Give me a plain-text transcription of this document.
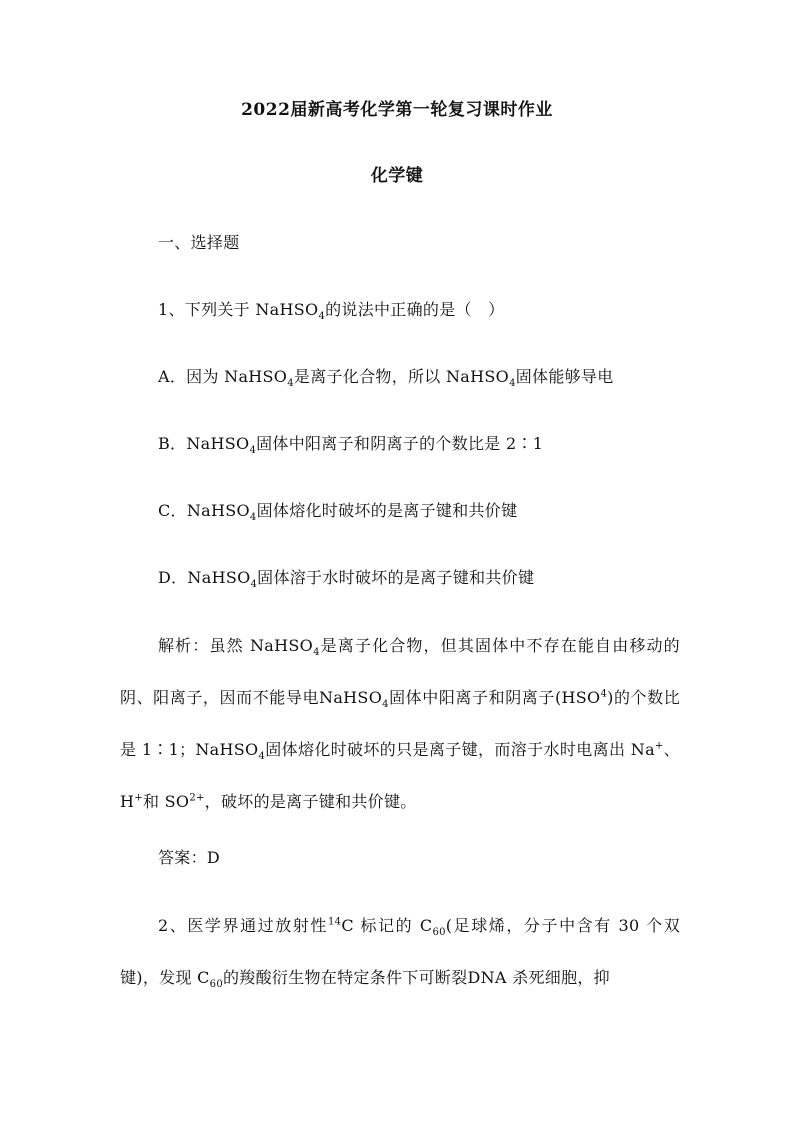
2022届新高考化学第一轮复习课时作业
化学键
一、选择题
1、下列关于 NaHSO$_4$的说法中正确的是（　）
A．因为 NaHSO$_4$是离子化合物，所以 NaHSO$_4$固体能够导电
B．NaHSO$_4$固体中阳离子和阴离子的个数比是 2∶1
C．NaHSO$_4$固体熔化时破坏的是离子键和共价键
D．NaHSO$_4$固体溶于水时破坏的是离子键和共价键
解析：虽然 NaHSO$_4$是离子化合物，但其固体中不存在能自由移动的阴、阳离子，因而不能导电NaHSO$_4$固体中阳离子和阴离子(HSO$^4$)的个数比是 1∶1；NaHSO$_4$固体熔化时破坏的只是离子键，而溶于水时电离出 Na+、H+和 $SO^{2+}$，破坏的是离子键和共价键。
答案：D
2、医学界通过放射性$^{14}$C 标记的 $C_{60}$(足球烯，分子中含有 30 个双键)，发现 $C_{60}$的羧酸衍生物在特定条件下可断裂DNA 杀死细胞，抑
